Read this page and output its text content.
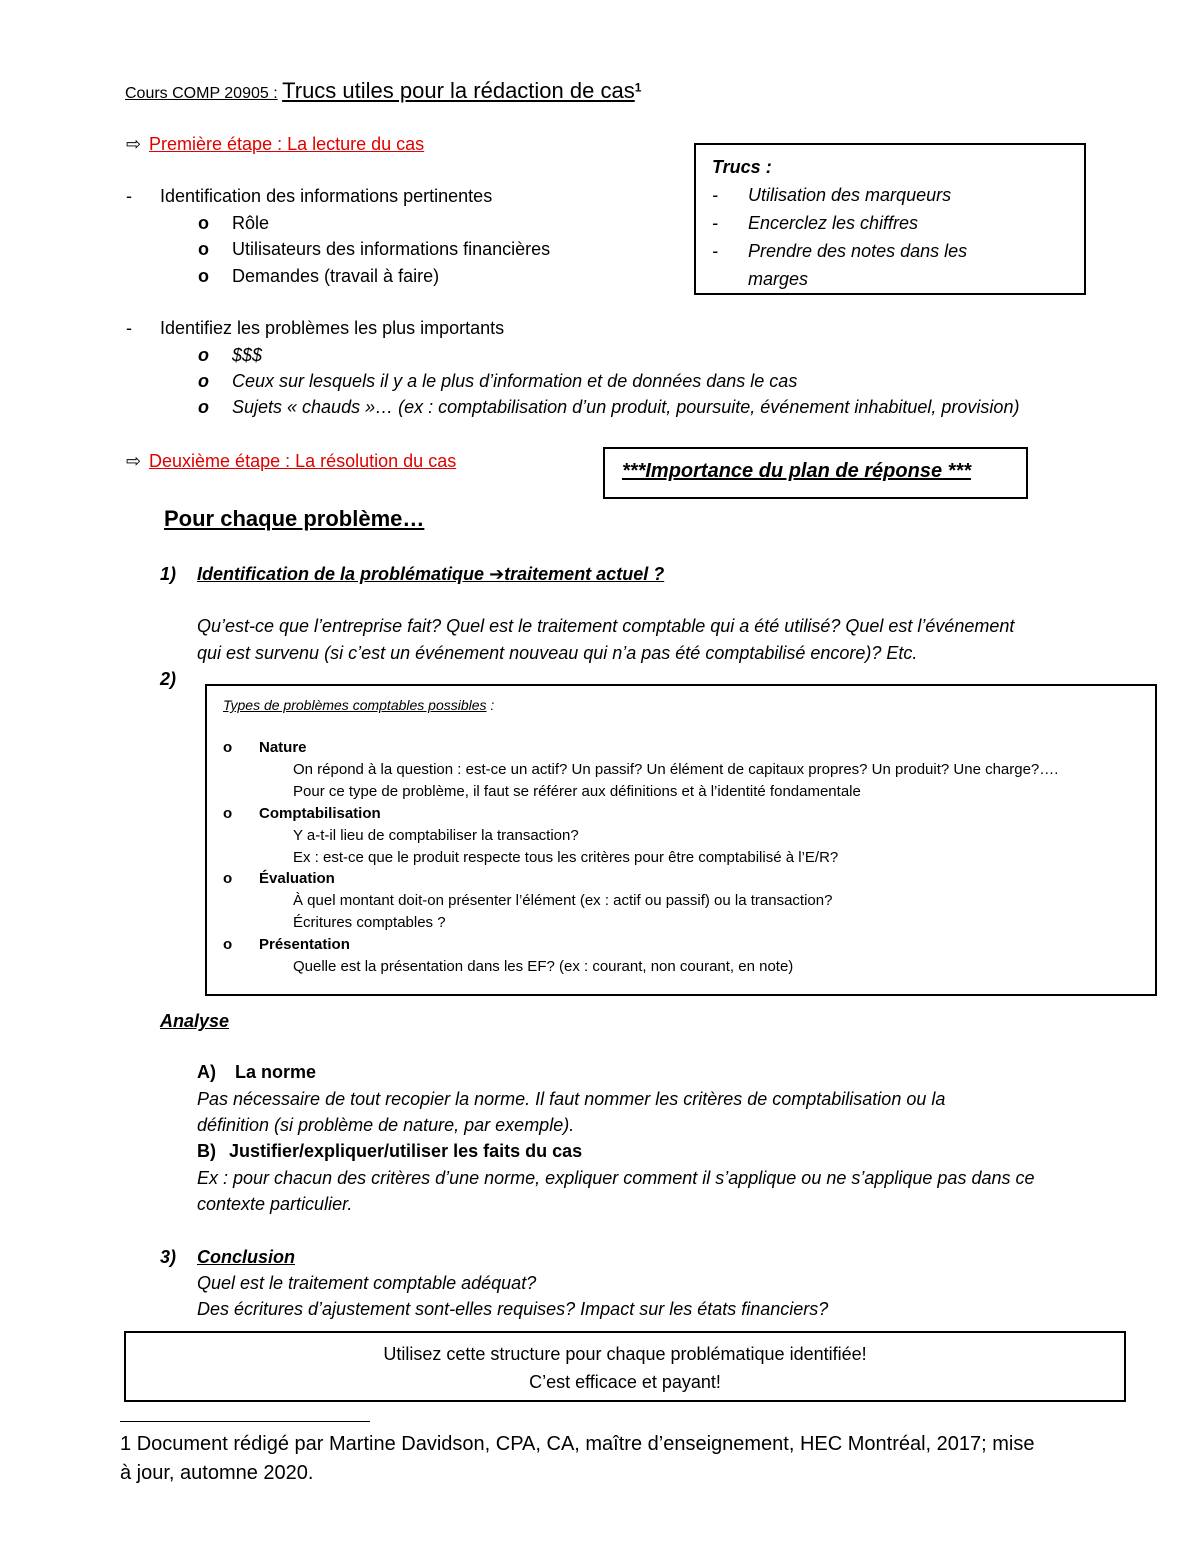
Cours COMP 20905 : Trucs utiles pour la rédaction de cas$^1$
⇨ Première étape : La lecture du cas
- Identification des informations pertinentes
o Rôle
o Utilisateurs des informations financières
o Demandes (travail à faire)
- Identifiez les problèmes les plus importants
o $$$
o Ceux sur lesquels il y a le plus d’information et de données dans le cas
o Sujets « chauds »… (ex : comptabilisation d’un produit, poursuite, événement inhabituel, provision)
Trucs :
- Utilisation des marqueurs
- Encerclez les chiffres
- Prendre des notes dans les
marges
⇨ Deuxième étape : La résolution du cas	***Importance du plan de réponse ***
Pour chaque problème…
1) Identification de la problématique ➔traitement actuel ?
Qu’est-ce que l’entreprise fait? Quel est le traitement comptable qui a été utilisé? Quel est l’événement
qui est survenu (si c’est un événement nouveau qui n’a pas été comptabilisé encore)? Etc.
2)
Types de problèmes comptables possibles :
o Nature
On répond à la question : est-ce un actif? Un passif? Un élément de capitaux propres? Un produit? Une charge?….
Pour ce type de problème, il faut se référer aux définitions et à l’identité fondamentale
o Comptabilisation
Y a-t-il lieu de comptabiliser la transaction?
Ex : est-ce que le produit respecte tous les critères pour être comptabilisé à l’E/R?
o Évaluation
À quel montant doit-on présenter l’élément (ex : actif ou passif) ou la transaction?
Écritures comptables ?
o Présentation
Quelle est la présentation dans les EF? (ex : courant, non courant, en note)
Analyse
A) La norme
Pas nécessaire de tout recopier la norme. Il faut nommer les critères de comptabilisation ou la
définition (si problème de nature, par exemple).
B) Justifier/expliquer/utiliser les faits du cas
Ex : pour chacun des critères d’une norme, expliquer comment il s’applique ou ne s’applique pas dans ce
contexte particulier.
3) Conclusion
Quel est le traitement comptable adéquat?
Des écritures d’ajustement sont-elles requises? Impact sur les états financiers?
Utilisez cette structure pour chaque problématique identifiée!
C’est efficace et payant!
1 Document rédigé par Martine Davidson, CPA, CA, maître d’enseignement, HEC Montréal, 2017; mise
à jour, automne 2020.
